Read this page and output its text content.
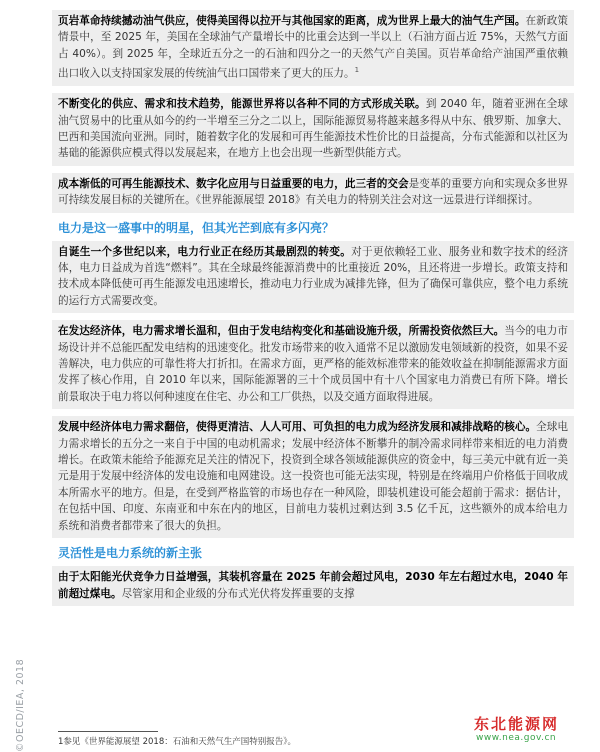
页岩革命持续撼动油气供应，使得美国得以拉开与其他国家的距离，成为世界上最大的油气生产国。在新政策情景中，至 2025 年，美国在全球油气产量增长中的比重会达到一半以上（石油方面占近 75%，天然气方面占 40%）。到 2025 年，全球近五分之一的石油和四分之一的天然气产自美国。页岩革命给产油国严重依赖出口收入以支持国家发展的传统油气出口国带来了更大的压力。$^1$
不断变化的供应、需求和技术趋势，能源世界将以各种不同的方式形成关联。到 2040 年，随着亚洲在全球油气贸易中的比重从如今的约一半增至三分之二以上，国际能源贸易将越来越多得从中东、俄罗斯、加拿大、巴西和美国流向亚洲。同时，随着数字化的发展和可再生能源技术性价比的日益提高，分布式能源和以社区为基础的能源供应模式得以发展起来，在地方上也会出现一些新型供能方式。
成本渐低的可再生能源技术、数字化应用与日益重要的电力，此三者的交会是变革的重要方向和实现众多世界可持续发展目标的关键所在。《世界能源展望 2018》有关电力的特别关注会对这一远景进行详细探讨。
电力是这一盛事中的明星，但其光芒到底有多闪亮？
自诞生一个多世纪以来，电力行业正在经历其最剧烈的转变。对于更依赖轻工业、服务业和数字技术的经济体，电力日益成为首选“燃料”。其在全球最终能源消费中的比重接近 20%，且还将进一步增长。政策支持和技术成本降低使可再生能源发电迅速增长，推动电力行业成为减排先锋，但为了确保可靠供应，整个电力系统的运行方式需要改变。
在发达经济体，电力需求增长温和，但由于发电结构变化和基础设施升级，所需投资依然巨大。当今的电力市场设计并不总能匹配发电结构的迅速变化。批发市场带来的收入通常不足以激励发电领域新的投资，如果不妥善解决，电力供应的可靠性将大打折扣。在需求方面，更严格的能效标准带来的能效收益在抑制能源需求方面发挥了核心作用，自 2010 年以来，国际能源署的三十个成员国中有十八个国家电力消费已有所下降。增长前景取决于电力将以何种速度在住宅、办公和工厂供热，以及交通方面取得进展。
发展中经济体电力需求翻倍，使得更清洁、人人可用、可负担的电力成为经济发展和减排战略的核心。全球电力需求增长的五分之一来自于中国的电动机需求；发展中经济体不断攀升的制冷需求同样带来相近的电力消费增长。在政策未能给予能源充足关注的情况下，投资到全球各领域能源供应的资金中，每三美元中就有近一美元是用于发展中经济体的发电设施和电网建设。这一投资也可能无法实现，特别是在终端用户价格低于回收成本所需水平的地方。但是，在受到严格监管的市场也存在一种风险，即装机建设可能会超前于需求：据估计，在包括中国、印度、东南亚和中东在内的地区，目前电力装机过剩达到 3.5 亿千瓦，这些额外的成本给电力系统和消费者都带来了很大的负担。
灵活性是电力系统的新主张
由于太阳能光伏竞争力日益增强，其装机容量在 2025 年前会超过风电，2030 年左右超过水电，2040 年前超过煤电。尽管家用和企业级的分布式光伏将发挥重要的支撑
©OECD/IEA, 2018	1参见《世界能源展望 2018：石油和天然气生产国特别报告》。
东北能源网
www.nea.gov.cn
